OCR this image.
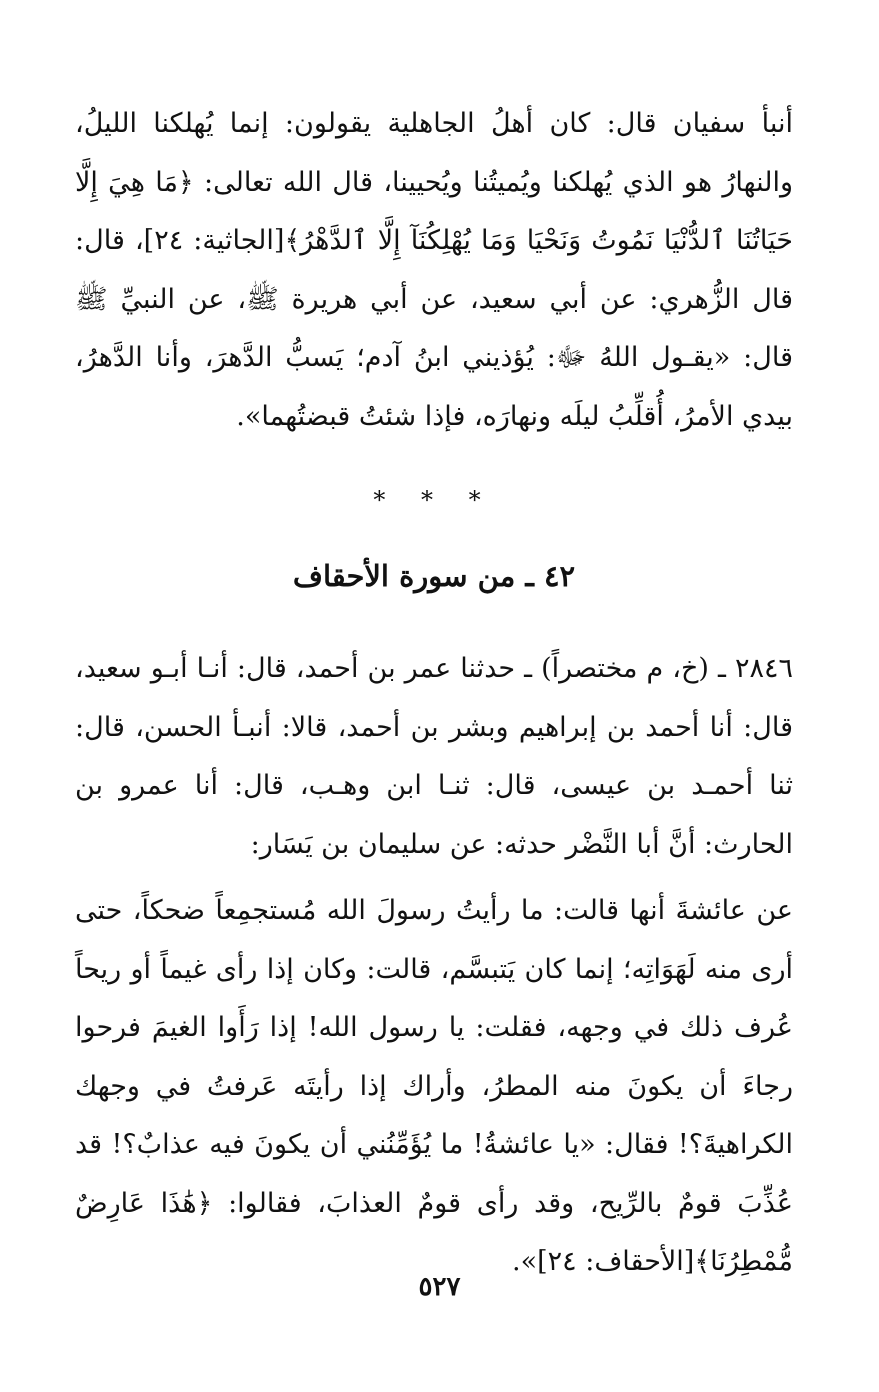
أنبأ سفيان قال: كان أهلُ الجاهلية يقولون: إنما يُهلكنا الليلُ، والنهارُ هو الذي يُهلكنا ويُميتُنا ويُحيينا، قال الله تعالى: ﴿مَا هِيَ إِلَّا حَيَاتُنَا ٱلدُّنْيَا نَمُوتُ وَنَحْيَا وَمَا يُهْلِكُنَآ إِلَّا ٱلدَّهْرُ﴾[الجاثية: ٢٤]، قال: قال الزُّهري: عن أبي سعيد، عن أبي هريرة ﷺ، عن النبيِّ ﷺ قال: «يقـول اللهُ ﷻ: يُؤذيني ابنُ آدم؛ يَسبُّ الدَّهرَ، وأنا الدَّهرُ، بيدي الأمرُ، أُقلِّبُ ليلَه ونهارَه، فإذا شئتُ قبضتُهما».

* * *
٤٢ ـ من سورة الأحقاف

٢٨٤٦ ـ (خ، م مختصراً) ـ حدثنا عمر بن أحمد، قال: أنـا أبـو سعيد، قال: أنا أحمد بن إبراهيم وبشر بن أحمد، قالا: أنبـأ الحسن، قال: ثنا أحمـد بن عيسى، قال: ثنـا ابن وهـب، قال: أنا عمرو بن الحارث: أنَّ أبا النَّضْر حدثه: عن سليمان بن يَسَار:

عن عائشةَ أنها قالت: ما رأيتُ رسولَ الله مُستجمِعاً ضحكاً، حتى أرى منه لَهَوَاتِه؛ إنما كان يَتبسَّم، قالت: وكان إذا رأى غيماً أو ريحاً عُرف ذلك في وجهه، فقلت: يا رسول الله! إذا رَأَوا الغيمَ فرحوا رجاءَ أن يكونَ منه المطرُ، وأراك إذا رأيتَه عَرفتُ في وجهك الكراهيةَ؟! فقال: «يا عائشةُ! ما يُؤَمِّنُني أن يكونَ فيه عذابٌ؟! قد عُذِّبَ قومٌ بالرِّيح، وقد رأى قومٌ العذابَ، فقالوا: ﴿هَٰذَا عَارِضٌ مُّمْطِرُنَا﴾[الأحقاف: ٢٤]».

٥٢٧
